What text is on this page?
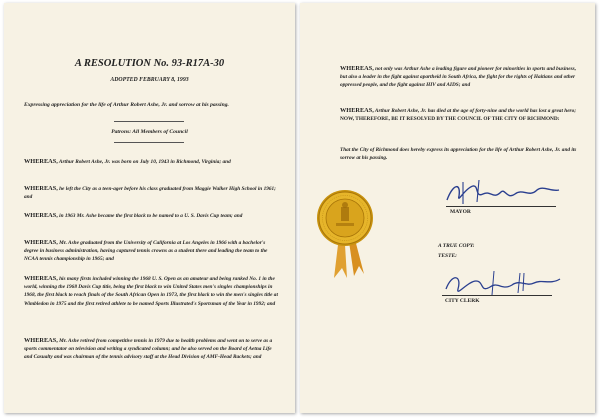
A RESOLUTION No. 93-R17A-30
ADOPTED FEBRUARY 8, 1993
Expressing appreciation for the life of Arthur Robert Ashe, Jr. and sorrow at his passing.
Patrons: All Members of Council

WHEREAS, Arthur Robert Ashe, Jr. was born on July 10, 1943 in Richmond, Virginia; and

WHEREAS, he left the City as a teen-ager before his class graduated from Maggie Walker High School in 1961; and

WHEREAS, in 1963 Mr. Ashe became the first black to be named to a U. S. Davis Cup team; and

WHEREAS, Mr. Ashe graduated from the University of California at Los Angeles in 1966 with a bachelor's degree in business administration, having captured tennis crowns as a student there and leading the team to the NCAA tennis championship in 1965; and

WHEREAS, his many firsts included winning the 1968 U. S. Open as an amateur and being ranked No. 1 in the world, winning the 1968 Davis Cup title, being the first black to win United States men's singles championships in 1968, the first black to reach finals of the South African Open in 1973, the first black to win the men's singles title at Wimbledon in 1975 and the first retired athlete to be named Sports Illustrated's Sportsman of the Year in 1992; and

WHEREAS, Mr. Ashe retired from competitive tennis in 1979 due to health problems and went on to serve as a sports commentator on television and writing a syndicated column; and he also served on the Board of Aetna Life and Casualty and was chairman of the tennis advisory staff at the Head Division of AMF-Head Rackets; and

WHEREAS, not only was Arthur Ashe a leading figure and pioneer for minorities in sports and business, but also a leader in the fight against apartheid in South Africa, the fight for the rights of Haitians and other oppressed people, and the fight against HIV and AIDS; and

WHEREAS, Arthur Robert Ashe, Jr. has died at the age of forty-nine and the world has lost a great hero; NOW, THEREFORE, BE IT RESOLVED BY THE COUNCIL OF THE CITY OF RICHMOND:

That the City of Richmond does hereby express its appreciation for the life of Arthur Robert Ashe, Jr. and its sorrow at his passing.

MAYOR
A TRUE COPY:
TESTE:
CITY CLERK
